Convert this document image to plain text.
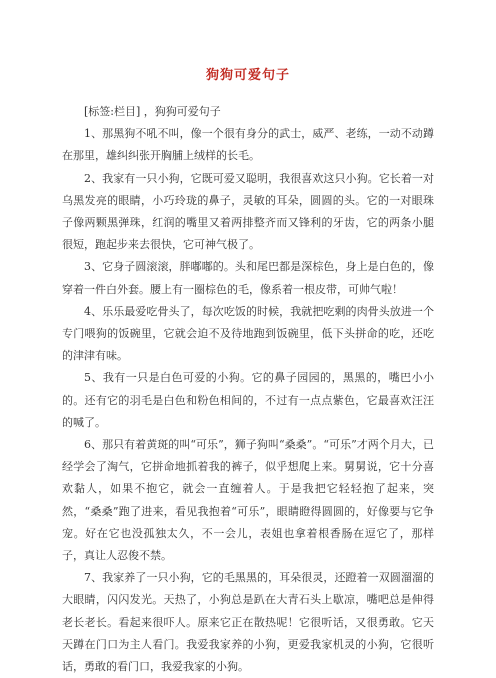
狗狗可爱句子

[标签:栏目] ，狗狗可爱句子

1、那黑狗不吼不叫，像一个很有身分的武士，威严、老练，一动不动蹲在那里，雄纠纠张开胸脯上绒样的长毛。

2、我家有一只小狗，它既可爱又聪明，我很喜欢这只小狗。它长着一对乌黑发亮的眼睛，小巧玲珑的鼻子，灵敏的耳朵，圆圆的头。它的一对眼珠子像两颗黑弹珠，红润的嘴里又着两排整齐而又锋利的牙齿，它的两条小腿很短，跑起步来去很快，它可神气极了。

3、它身子圆滚滚，胖嘟嘟的。头和尾巴都是深棕色，身上是白色的，像穿着一件白外套。腰上有一圈棕色的毛，像系着一根皮带，可帅气啦！

4、乐乐最爱吃骨头了，每次吃饭的时候，我就把吃剩的肉骨头放进一个专门喂狗的饭碗里，它就会迫不及待地跑到饭碗里，低下头拼命的吃，还吃的津津有味。

5、我有一只是白色可爱的小狗。它的鼻子园园的，黑黑的，嘴巴小小的。还有它的羽毛是白色和粉色相间的，不过有一点点紫色，它最喜欢汪汪的喊了。

6、那只有着黄斑的叫“可乐”，狮子狗叫“桑桑”。“可乐”才两个月大，已经学会了淘气，它拼命地抓着我的裤子，似乎想爬上来。舅舅说，它十分喜欢黏人，如果不抱它，就会一直缠着人。于是我把它轻轻抱了起来，突然，“桑桑”跑了进来，看见我抱着“可乐”，眼睛瞪得圆圆的，好像要与它争宠。好在它也没孤独太久，不一会儿，表姐也拿着根香肠在逗它了，那样子，真让人忍俊不禁。

7、我家养了一只小狗，它的毛黑黑的，耳朵很灵，还蹬着一双圆溜溜的大眼睛，闪闪发光。天热了，小狗总是趴在大青石头上歇凉，嘴吧总是伸得老长老长。看起来很吓人。原来它正在散热呢！它很听话，又很勇敢。它天天蹲在门口为主人看门。我爱我家养的小狗，更爱我家机灵的小狗，它很听话，勇敢的看门口，我爱我家的小狗。
